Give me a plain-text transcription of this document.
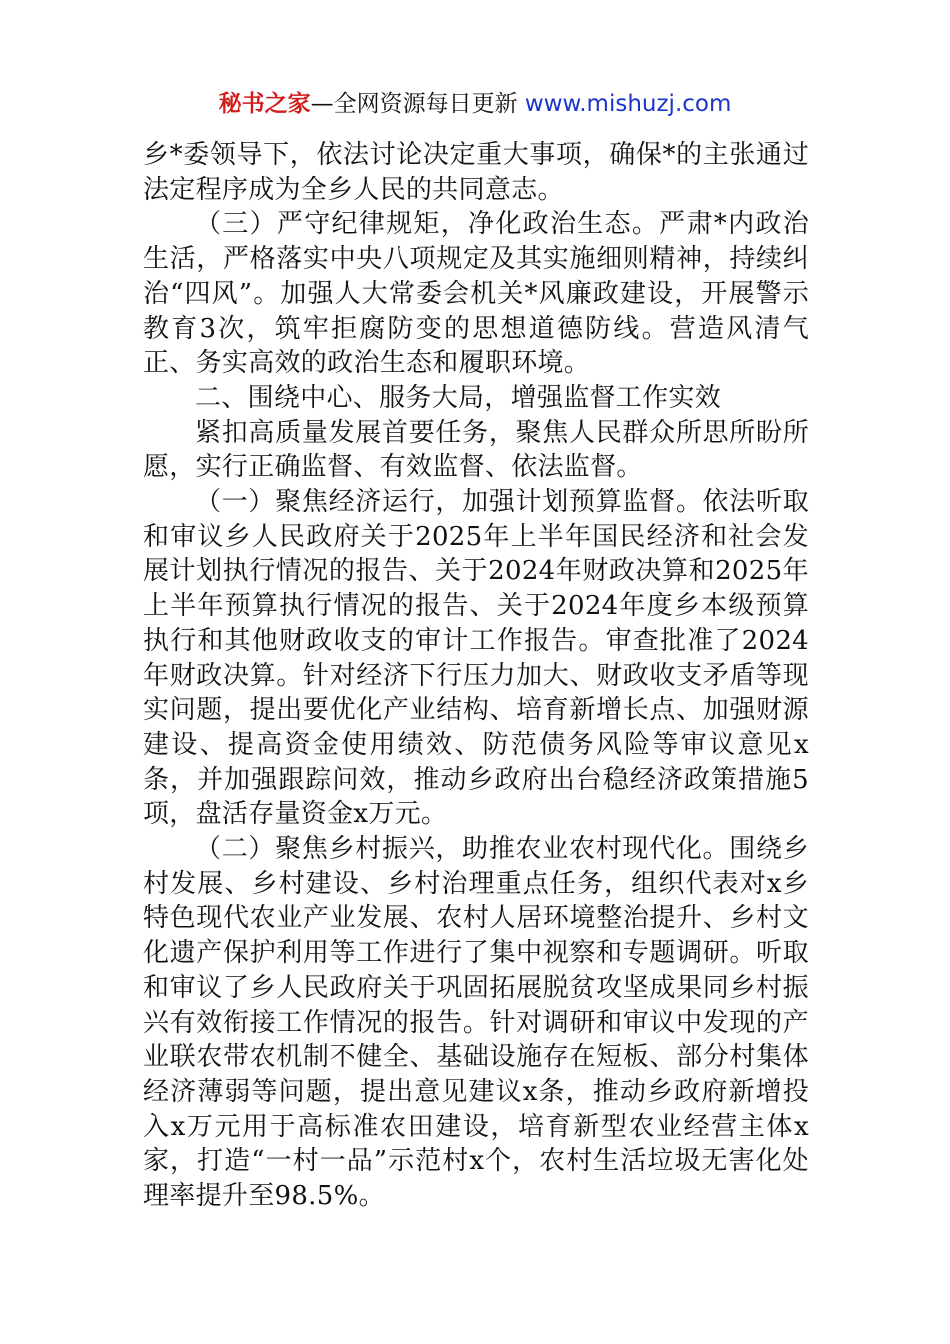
秘书之家—全网资源每日更新 www.mishuzj.com

乡*委领导下，依法讨论决定重大事项，确保*的主张通过法定程序成为全乡人民的共同意志。

（三）严守纪律规矩，净化政治生态。严肃*内政治生活，严格落实中央八项规定及其实施细则精神，持续纠治“四风”。加强人大常委会机关*风廉政建设，开展警示教育3次，筑牢拒腐防变的思想道德防线。营造风清气正、务实高效的政治生态和履职环境。

二、围绕中心、服务大局，增强监督工作实效

紧扣高质量发展首要任务，聚焦人民群众所思所盼所愿，实行正确监督、有效监督、依法监督。

（一）聚焦经济运行，加强计划预算监督。依法听取和审议乡人民政府关于2025年上半年国民经济和社会发展计划执行情况的报告、关于2024年财政决算和2025年上半年预算执行情况的报告、关于2024年度乡本级预算执行和其他财政收支的审计工作报告。审查批准了2024年财政决算。针对经济下行压力加大、财政收支矛盾等现实问题，提出要优化产业结构、培育新增长点、加强财源建设、提高资金使用绩效、防范债务风险等审议意见x条，并加强跟踪问效，推动乡政府出台稳经济政策措施5项，盘活存量资金x万元。

（二）聚焦乡村振兴，助推农业农村现代化。围绕乡村发展、乡村建设、乡村治理重点任务，组织代表对x乡特色现代农业产业发展、农村人居环境整治提升、乡村文化遗产保护利用等工作进行了集中视察和专题调研。听取和审议了乡人民政府关于巩固拓展脱贫攻坚成果同乡村振兴有效衔接工作情况的报告。针对调研和审议中发现的产业联农带农机制不健全、基础设施存在短板、部分村集体经济薄弱等问题，提出意见建议x条，推动乡政府新增投入x万元用于高标准农田建设，培育新型农业经营主体x家，打造“一村一品”示范村x个，农村生活垃圾无害化处理率提升至98.5%。
